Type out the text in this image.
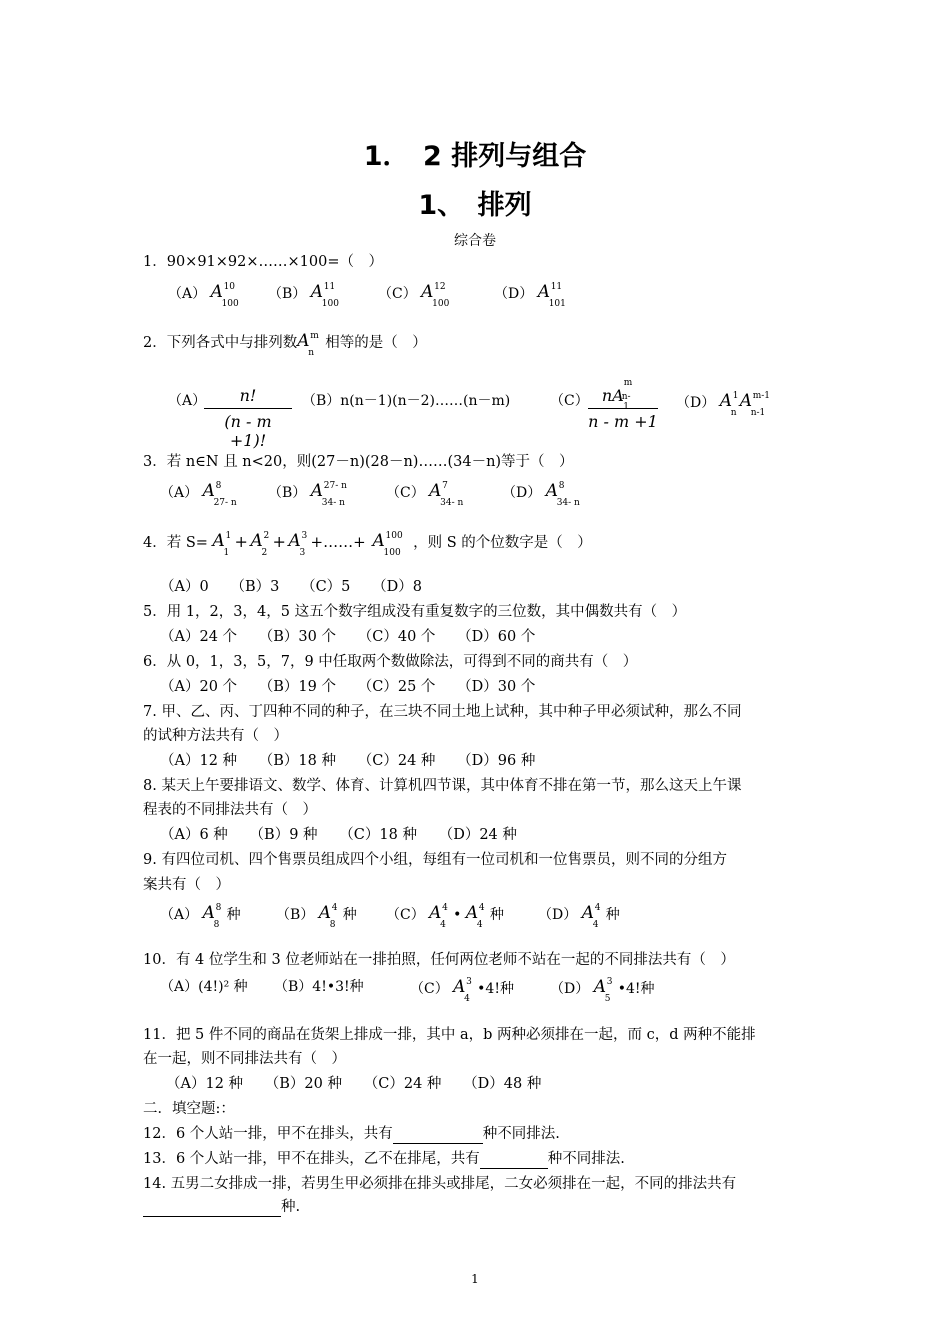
1．　2 排列与组合
1、　排列
综合卷
1．90×91×92×……×100=（　）
（A） A 10
100
（B） A 11
100
（C） A 12
100
（D） A 11
101
2．下列各式中与排列数 A m
n
相等的是（　）
（A）
$\frac{n!}{(n - m +1)!}$ （B）n(n－1)(n－2)……(n－m)	（C） nA
m
n-1

n - m +1
（D） A 1
n
A m-1
n-1
3．若 n∈N 且 n<20，则(27－n)(28－n)……(34－n)等于（　）
（A） A 8
27- n
（B） A 27- n
34- n
（C） A 7
34- n
（D） A 8
34- n
4．若 S= A 1
1
+ A 2
2
+ A 3
3
+……+ A 100
100
，则 S 的个位数字是（　）
（A）0　　（B）3　　（C）5　　（D）8
5．用 1，2，3，4，5 这五个数字组成没有重复数字的三位数，其中偶数共有（　）
（A）24 个　　（B）30 个　　（C）40 个　　（D）60 个
6．从 0，1，3，5，7，9 中任取两个数做除法，可得到不同的商共有（　）
（A）20 个　　（B）19 个　　（C）25 个　　（D）30 个
7. 甲、乙、丙、丁四种不同的种子，在三块不同土地上试种，其中种子甲必须试种，那么不同
的试种方法共有（　）
（A）12 种　　（B）18 种　　（C）24 种　　（D）96 种
8. 某天上午要排语文、数学、体育、计算机四节课，其中体育不排在第一节，那么这天上午课
程表的不同排法共有（　）
（A）6 种　　（B）9 种　　（C）18 种　　（D）24 种
9. 有四位司机、四个售票员组成四个小组，每组有一位司机和一位售票员，则不同的分组方
案共有（　）
（A） A 8
8
种	（B） A 4
8
种 （C） A 4
4
• A 4
4
种 （D） A 4
4
种
10．有 4 位学生和 3 位老师站在一排拍照，任何两位老师不站在一起的不同排法共有（　）
（A）(4!)² 种 （B）4!•3!种	（C） A 3
4
•4!种	（D） A 3
5
•4!种
11．把 5 件不同的商品在货架上排成一排，其中 a，b 两种必须排在一起，而 c，d 两种不能排
在一起，则不同排法共有（　）
（A）12 种　　（B）20 种　　（C）24 种　　（D）48 种
二．填空题:：
12．6 个人站一排，甲不在排头，共有	种不同排法.
13．6 个人站一排，甲不在排头，乙不在排尾，共有	种不同排法.
14. 五男二女排成一排，若男生甲必须排在排头或排尾，二女必须排在一起，不同的排法共有
种.
1
